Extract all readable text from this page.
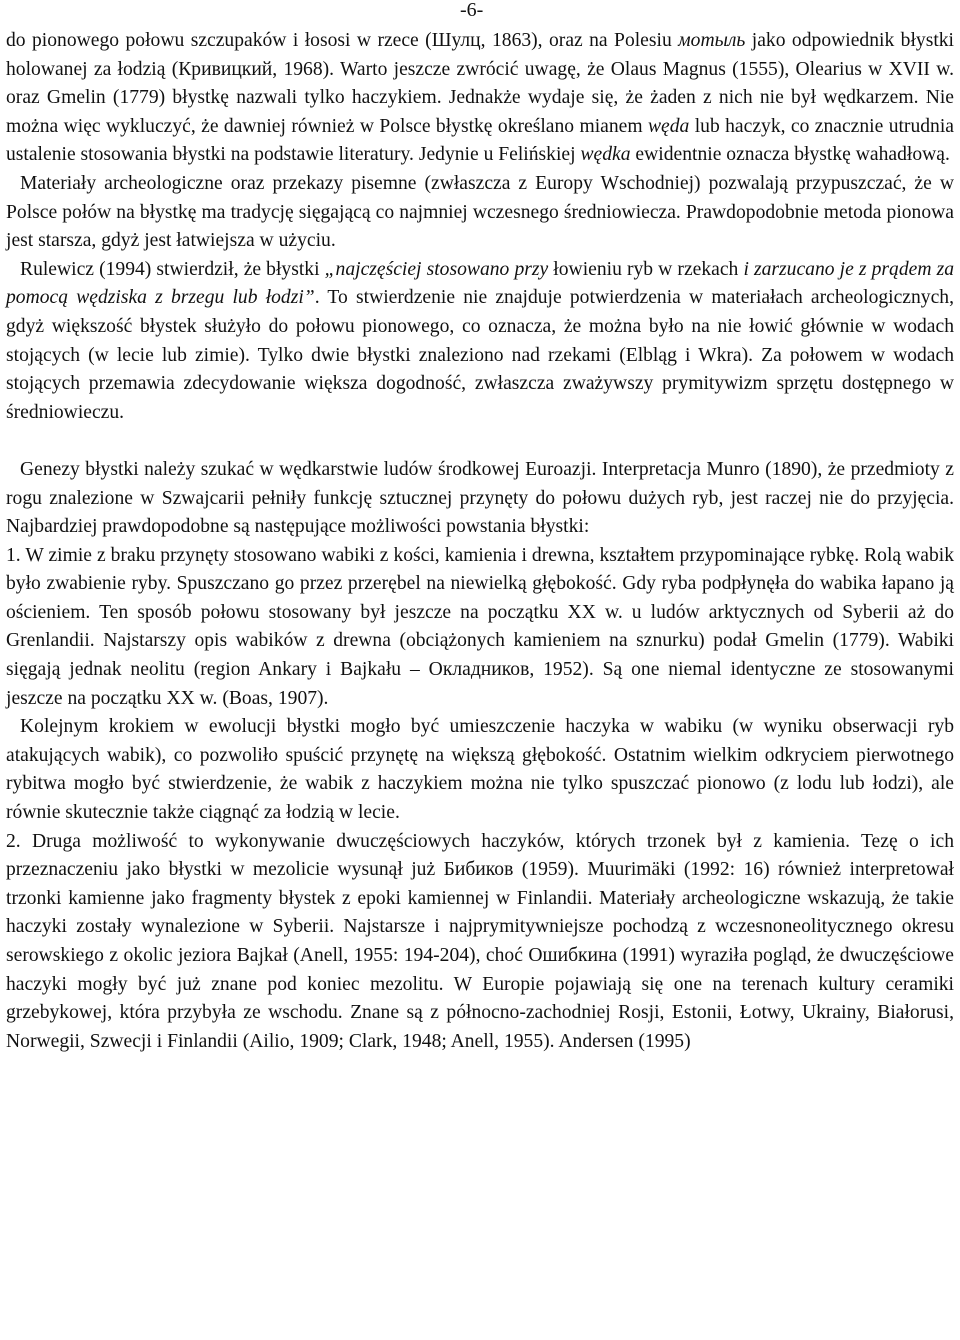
-6-

do pionowego połowu szczupaków i łososi w rzece (Шулц, 1863), oraz na Polesiu мотыль jako odpowiednik błystki holowanej za łodzią (Кривицкий, 1968). Warto jeszcze zwrócić uwagę, że Olaus Magnus (1555), Olearius w XVII w. oraz Gmelin (1779) błystkę nazwali tylko haczykiem. Jednakże wydaje się, że żaden z nich nie był wędkarzem. Nie można więc wykluczyć, że dawniej również w Polsce błystkę określano mianem węda lub haczyk, co znacznie utrudnia ustalenie stosowania błystki na podstawie literatury. Jedynie u Felińskiej wędka ewidentnie oznacza błystkę wahadłową.

Materiały archeologiczne oraz przekazy pisemne (zwłaszcza z Europy Wschodniej) pozwalają przypuszczać, że w Polsce połów na błystkę ma tradycję sięgającą co najmniej wczesnego średniowiecza. Prawdopodobnie metoda pionowa jest starsza, gdyż jest łatwiejsza w użyciu.

Rulewicz (1994) stwierdził, że błystki „najczęściej stosowano przy łowieniu ryb w rzekach i zarzucano je z prądem za pomocą wędziska z brzegu lub łodzi”. To stwierdzenie nie znajduje potwierdzenia w materiałach archeologicznych, gdyż większość błystek służyło do połowu pionowego, co oznacza, że można było na nie łowić głównie w wodach stojących (w lecie lub zimie). Tylko dwie błystki znaleziono nad rzekami (Elbląg i Wkra). Za połowem w wodach stojących przemawia zdecydowanie większa dogodność, zwłaszcza zważywszy prymitywizm sprzętu dostępnego w średniowieczu.

Genezy błystki należy szukać w wędkarstwie ludów środkowej Euroazji. Interpretacja Munro (1890), że przedmioty z rogu znalezione w Szwajcarii pełniły funkcję sztucznej przynęty do połowu dużych ryb, jest raczej nie do przyjęcia. Najbardziej prawdopodobne są następujące możliwości powstania błystki:

1. W zimie z braku przynęty stosowano wabiki z kości, kamienia i drewna, kształtem przypominające rybkę. Rolą wabik było zwabienie ryby. Spuszczano go przez przerębel na niewielką głębokość. Gdy ryba podpłynęła do wabika łapano ją ościeniem. Ten sposób połowu stosowany był jeszcze na początku XX w. u ludów arktycznych od Syberii aż do Grenlandii. Najstarszy opis wabików z drewna (obciążonych kamieniem na sznurku) podał Gmelin (1779). Wabiki sięgają jednak neolitu (region Ankary i Bajkału – Окладников, 1952). Są one niemal identyczne ze stosowanymi jeszcze na początku XX w. (Boas, 1907).

Kolejnym krokiem w ewolucji błystki mogło być umieszczenie haczyka w wabiku (w wyniku obserwacji ryb atakujących wabik), co pozwoliło spuścić przynętę na większą głębokość. Ostatnim wielkim odkryciem pierwotnego rybitwa mogło być stwierdzenie, że wabik z haczykiem można nie tylko spuszczać pionowo (z lodu lub łodzi), ale równie skutecznie także ciągnąć za łodzią w lecie.

2. Druga możliwość to wykonywanie dwuczęściowych haczyków, których trzonek był z kamienia. Tezę o ich przeznaczeniu jako błystki w mezolicie wysunął już Бибиков (1959). Muurimäki (1992: 16) również interpretował trzonki kamienne jako fragmenty błystek z epoki kamiennej w Finlandii. Materiały archeologiczne wskazują, że takie haczyki zostały wynalezione w Syberii. Najstarsze i najprymitywniejsze pochodzą z wczesnoneolitycznego okresu serowskiego z okolic jeziora Bajkał (Anell, 1955: 194-204), choć Ошибкина (1991) wyraziła pogląd, że dwuczęściowe haczyki mogły być już znane pod koniec mezolitu. W Europie pojawiają się one na terenach kultury ceramiki grzebykowej, która przybyła ze wschodu. Znane są z północno-zachodniej Rosji, Estonii, Łotwy, Ukrainy, Białorusi, Norwegii, Szwecji i Finlandii (Ailio, 1909; Clark, 1948; Anell, 1955). Andersen (1995)
